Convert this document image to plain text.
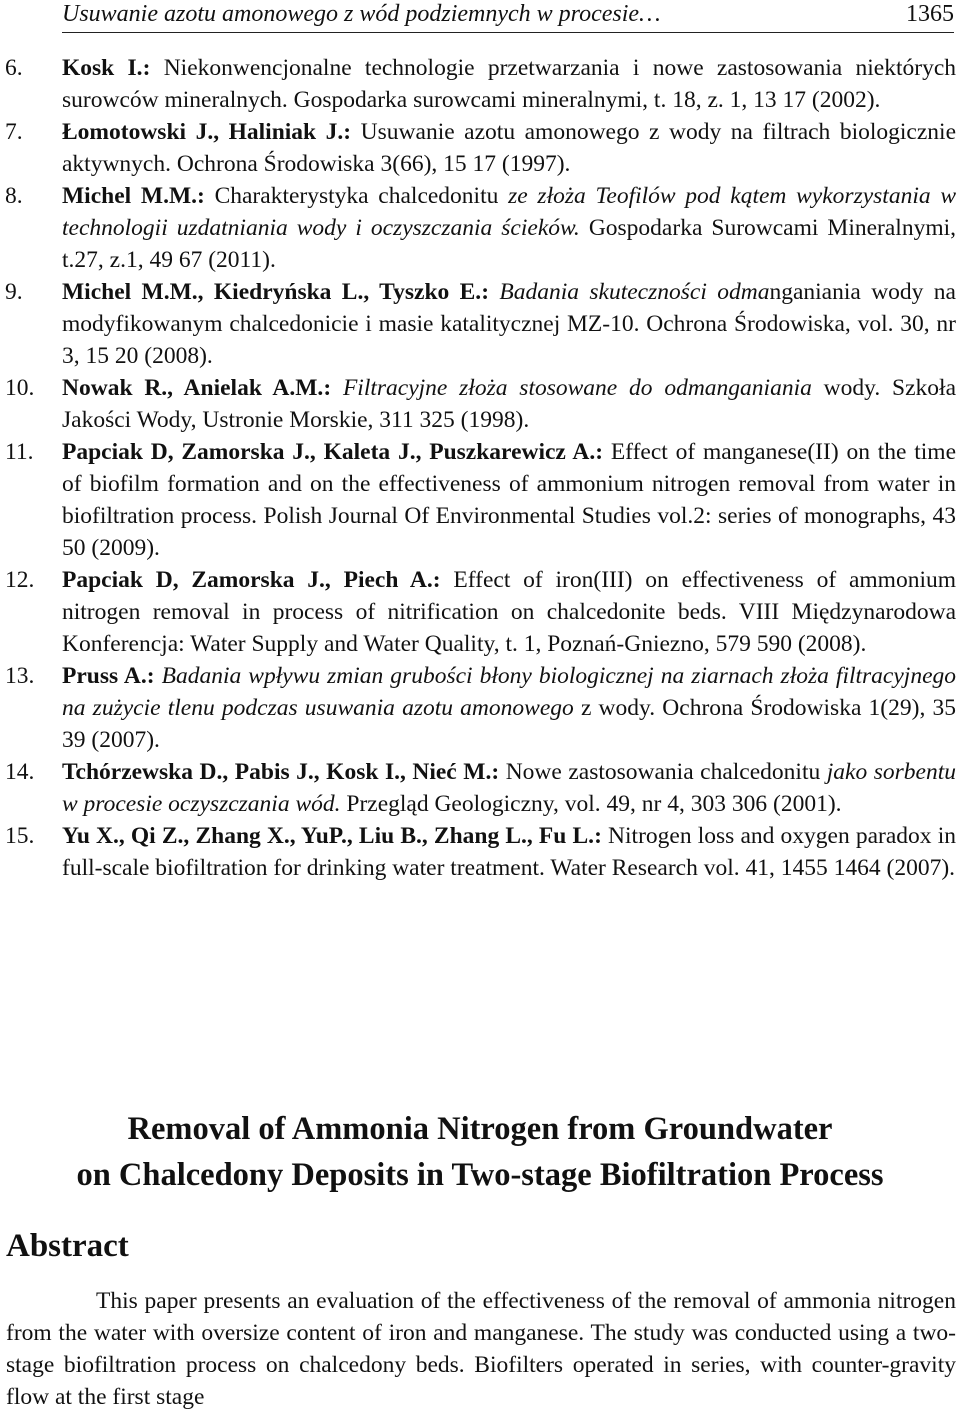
Usuwanie azotu amonowego z wód podziemnych w procesie…	1365
6. Kosk I.: Niekonwencjonalne technologie przetwarzania i nowe zastosowania niektórych surowców mineralnych. Gospodarka surowcami mineralnymi, t. 18, z. 1, 13 17 (2002).
7. Łomotowski J., Haliniak J.: Usuwanie azotu amonowego z wody na filtrach biologicznie aktywnych. Ochrona Środowiska 3(66), 15 17 (1997).
8. Michel M.M.: Charakterystyka chalcedonitu ze złoża Teofilów pod kątem wykorzystania w technologii uzdatniania wody i oczyszczania ścieków. Gospodarka Surowcami Mineralnymi, t.27, z.1, 49 67 (2011).
9. Michel M.M., Kiedryńska L., Tyszko E.: Badania skuteczności odmanganiania wody na modyfikowanym chalcedonicie i masie katalitycznej MZ-10. Ochrona Środowiska, vol. 30, nr 3, 15 20 (2008).
10. Nowak R., Anielak A.M.: Filtracyjne złoża stosowane do odmanganiania wody. Szkoła Jakości Wody, Ustronie Morskie, 311 325 (1998).
11. Papciak D, Zamorska J., Kaleta J., Puszkarewicz A.: Effect of manganese(II) on the time of biofilm formation and on the effectiveness of ammonium nitrogen removal from water in biofiltration process. Polish Journal Of Environmental Studies vol.2: series of monographs, 43 50 (2009).
12. Papciak D, Zamorska J., Piech A.: Effect of iron(III) on effectiveness of ammonium nitrogen removal in process of nitrification on chalcedonite beds. VIII Międzynarodowa Konferencja: Water Supply and Water Quality, t. 1, Poznań-Gniezno, 579 590 (2008).
13. Pruss A.: Badania wpływu zmian grubości błony biologicznej na ziarnach złoża filtracyjnego na zużycie tlenu podczas usuwania azotu amonowego z wody. Ochrona Środowiska 1(29), 35 39 (2007).
14. Tchórzewska D., Pabis J., Kosk I., Nieć M.: Nowe zastosowania chalcedonitu jako sorbentu w procesie oczyszczania wód. Przegląd Geologiczny, vol. 49, nr 4, 303 306 (2001).
15. Yu X., Qi Z., Zhang X., YuP., Liu B., Zhang L., Fu L.: Nitrogen loss and oxygen paradox in full-scale biofiltration for drinking water treatment. Water Research vol. 41, 1455 1464 (2007).
Removal of Ammonia Nitrogen from Groundwater
on Chalcedony Deposits in Two-stage Biofiltration Process
Abstract

This paper presents an evaluation of the effectiveness of the removal of ammonia nitrogen from the water with oversize content of iron and manganese. The study was conducted using a two-stage biofiltration process on chalcedony beds. Biofilters operated in series, with counter-gravity flow at the first stage
